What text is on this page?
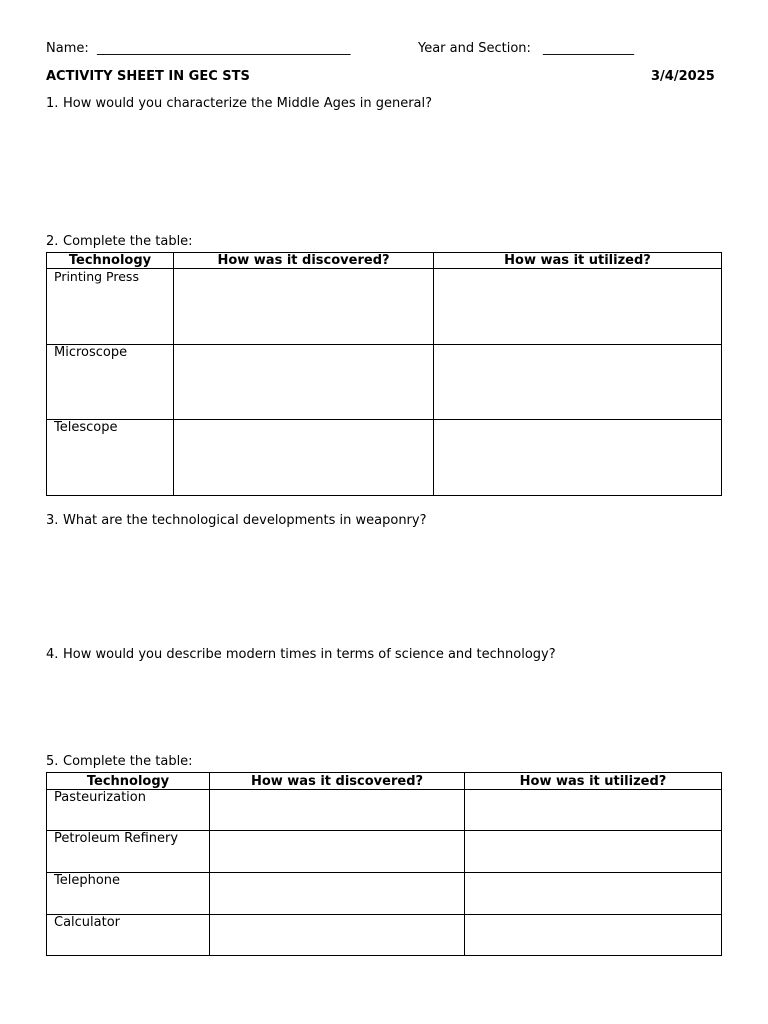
Name: _______________________________________	Year and Section: ______________
ACTIVITY SHEET IN GEC STS	3/4/2025
1. How would you characterize the Middle Ages in general?
2. Complete the table:
Technology	How was it discovered?	How was it utilized?

Printing Press		

Microscope		

Telescope		

3. What are the technological developments in weaponry?
4. How would you describe modern times in terms of science and technology?
5. Complete the table:
Technology	How was it discovered?	How was it utilized?

Pasteurization		

Petroleum Refinery		

Telephone		

Calculator		
